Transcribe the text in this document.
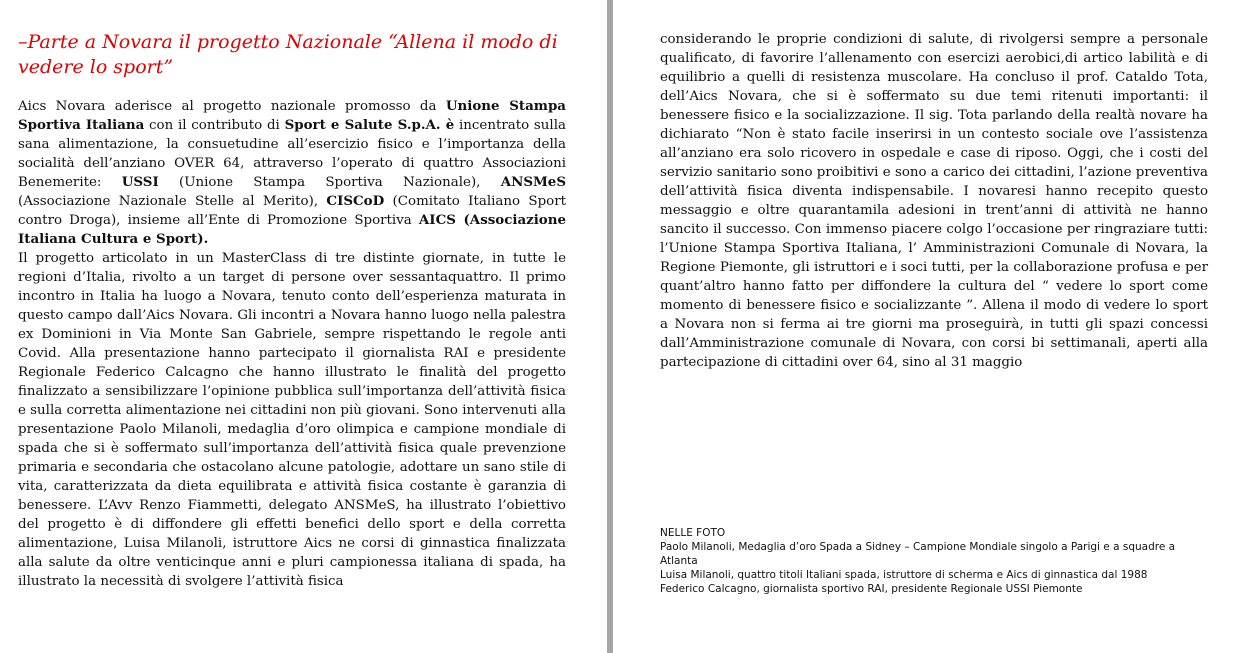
–Parte a Novara il progetto Nazionale “Allena il modo di vedere lo sport”

Aics Novara aderisce al progetto nazionale promosso da Unione Stampa Sportiva Italiana con il contributo di Sport e Salute S.p.A. è incentrato sulla sana alimentazione, la consuetudine all’esercizio fisico e l’importanza della socialità dell’anziano OVER 64, attraverso l’operato di quattro Associazioni Benemerite: USSI (Unione Stampa Sportiva Nazionale), ANSMeS (Associazione Nazionale Stelle al Merito), CISCoD (Comitato Italiano Sport contro Droga), insieme all’Ente di Promozione Sportiva AICS (Associazione Italiana Cultura e Sport).

Il progetto articolato in un MasterClass di tre distinte giornate, in tutte le regioni d’Italia, rivolto a un target di persone over sessantaquattro. Il primo incontro in Italia ha luogo a Novara, tenuto conto dell’esperienza maturata in questo campo dall’Aics Novara. Gli incontri a Novara hanno luogo nella palestra ex Dominioni in Via Monte San Gabriele, sempre rispettando le regole anti Covid. Alla presentazione hanno partecipato il giornalista RAI e presidente Regionale Federico Calcagno che hanno illustrato le finalità del progetto finalizzato a sensibilizzare l’opinione pubblica sull’importanza dell’attività fisica e sulla corretta alimentazione nei cittadini non più giovani. Sono intervenuti alla presentazione Paolo Milanoli, medaglia d’oro olimpica e campione mondiale di spada che si è soffermato sull’importanza dell’attività fisica quale prevenzione primaria e secondaria che ostacolano alcune patologie, adottare un sano stile di vita, caratterizzata da dieta equilibrata e attività fisica costante è garanzia di benessere. L’Avv Renzo Fiammetti, delegato ANSMeS, ha illustrato l’obiettivo del progetto è di diffondere gli effetti benefici dello sport e della corretta alimentazione, Luisa Milanoli, istruttore Aics ne corsi di ginnastica finalizzata alla salute da oltre venticinque anni e pluri campionessa italiana di spada, ha illustrato la necessità di svolgere l’attività fisica

considerando le proprie condizioni di salute, di rivolgersi sempre a personale qualificato, di favorire l’allenamento con esercizi aerobici,di artico labilità e di equilibrio a quelli di resistenza muscolare. Ha concluso il prof. Cataldo Tota, dell’Aics Novara, che si è soffermato su due temi ritenuti importanti: il benessere fisico e la socializzazione. Il sig. Tota parlando della realtà novare ha dichiarato “Non è stato facile inserirsi in un contesto sociale ove l’assistenza all’anziano era solo ricovero in ospedale e case di riposo. Oggi, che i costi del servizio sanitario sono proibitivi e sono a carico dei cittadini, l’azione preventiva dell’attività fisica diventa indispensabile. I novaresi hanno recepito questo messaggio e oltre quarantamila adesioni in trent’anni di attività ne hanno sancito il successo. Con immenso piacere colgo l’occasione per ringraziare tutti: l’Unione Stampa Sportiva Italiana, l’ Amministrazioni Comunale di Novara, la Regione Piemonte, gli istruttori e i soci tutti, per la collaborazione profusa e per quant’altro hanno fatto per diffondere la cultura del “ vedere lo sport come momento di benessere fisico e socializzante ”. Allena il modo di vedere lo sport a Novara non si ferma ai tre giorni ma proseguirà, in tutti gli spazi concessi dall’Amministrazione comunale di Novara, con corsi bi settimanali, aperti alla partecipazione di cittadini over 64, sino al 31 maggio

NELLE FOTO

Paolo Milanoli, Medaglia d’oro Spada a Sidney – Campione Mondiale singolo a Parigi e a squadre a Atlanta

Luisa Milanoli, quattro titoli Italiani spada, istruttore di scherma e Aics di ginnastica dal 1988

Federico Calcagno, giornalista sportivo RAI, presidente Regionale USSI Piemonte
